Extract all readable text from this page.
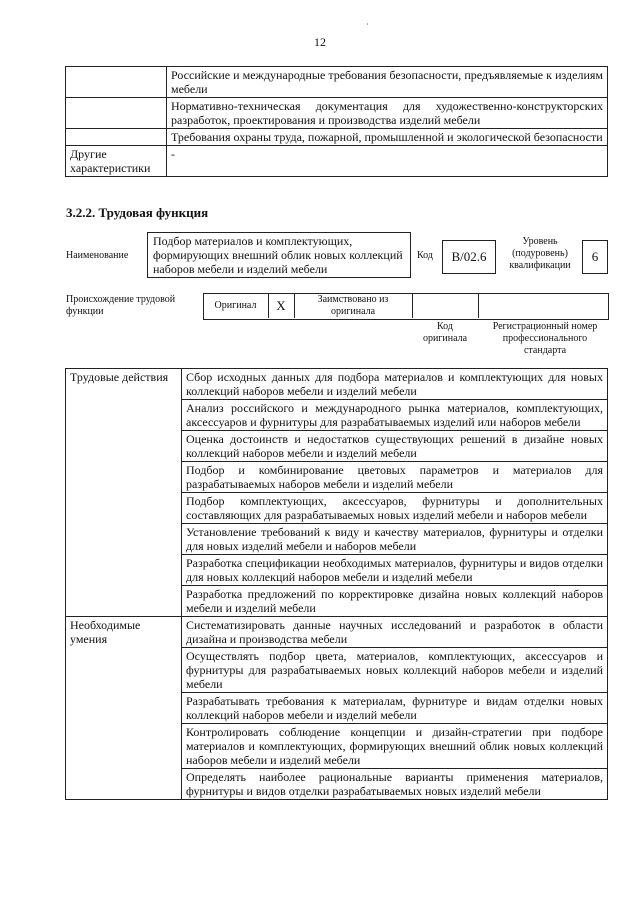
·
12
	Российские и международные требования безопасности, предъявляемые к изделиям мебели
	Нормативно-техническая документация для художественно-конструкторских разработок, проектирования и производства изделий мебели
	Требования охраны труда, пожарной, промышленной и экологической безопасности
Другие характеристики	-
3.2.2. Трудовая функция
Наименование
Подбор материалов и комплектующих, формирующих внешний облик новых коллекций наборов мебели и изделий мебели
Код	B/02.6
Уровень (подуровень) квалификации
6
Происхождение трудовой функции
Оригинал	X	Заимствовано из оригинала
Код оригинала
Регистрационный номер профессионального стандарта
Трудовые действия	Сбор исходных данных для подбора материалов и комплектующих для новых коллекций наборов мебели и изделий мебели
	Анализ российского и международного рынка материалов, комплектующих, аксессуаров и фурнитуры для разрабатываемых изделий или наборов мебели
	Оценка достоинств и недостатков существующих решений в дизайне новых коллекций наборов мебели и изделий мебели
	Подбор и комбинирование цветовых параметров и материалов для разрабатываемых наборов мебели и изделий мебели
	Подбор комплектующих, аксессуаров, фурнитуры и дополнительных составляющих для разрабатываемых новых изделий мебели и наборов мебели
	Установление требований к виду и качеству материалов, фурнитуры и отделки для новых изделий мебели и наборов мебели
	Разработка спецификации необходимых материалов, фурнитуры и видов отделки для новых коллекций наборов мебели и изделий мебели
	Разработка предложений по корректировке дизайна новых коллекций наборов мебели и изделий мебели
Необходимые умения	Систематизировать данные научных исследований и разработок в области дизайна и производства мебели
	Осуществлять подбор цвета, материалов, комплектующих, аксессуаров и фурнитуры для разрабатываемых новых коллекций наборов мебели и изделий мебели
	Разрабатывать требования к материалам, фурнитуре и видам отделки новых коллекций наборов мебели и изделий мебели
	Контролировать соблюдение концепции и дизайн-стратегии при подборе материалов и комплектующих, формирующих внешний облик новых коллекций наборов мебели и изделий мебели
	Определять наиболее рациональные варианты применения материалов, фурнитуры и видов отделки разрабатываемых новых изделий мебели
